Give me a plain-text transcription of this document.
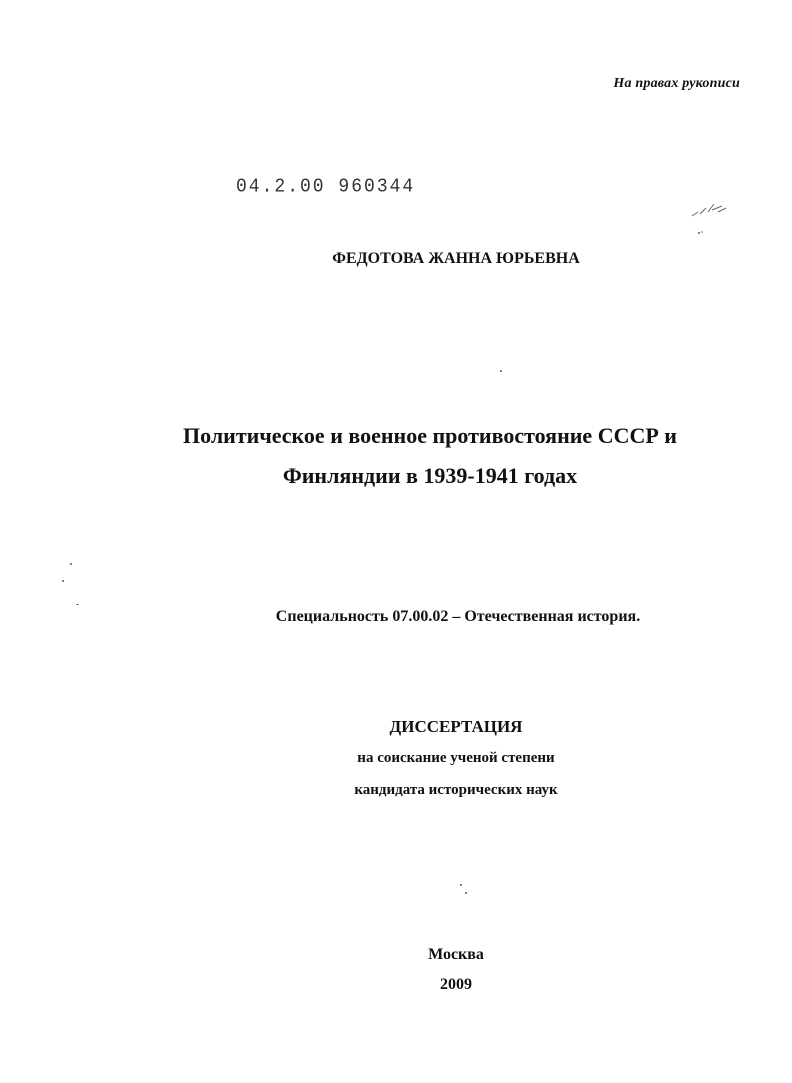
На правах рукописи
04.2.00 960344
ФЕДОТОВА ЖАННА ЮРЬЕВНА
Политическое и военное противостояние СССР и
Финляндии в 1939-1941 годах
Специальность 07.00.02 – Отечественная история.
ДИССЕРТАЦИЯ
на соискание ученой степени
кандидата исторических наук
Москва
2009
